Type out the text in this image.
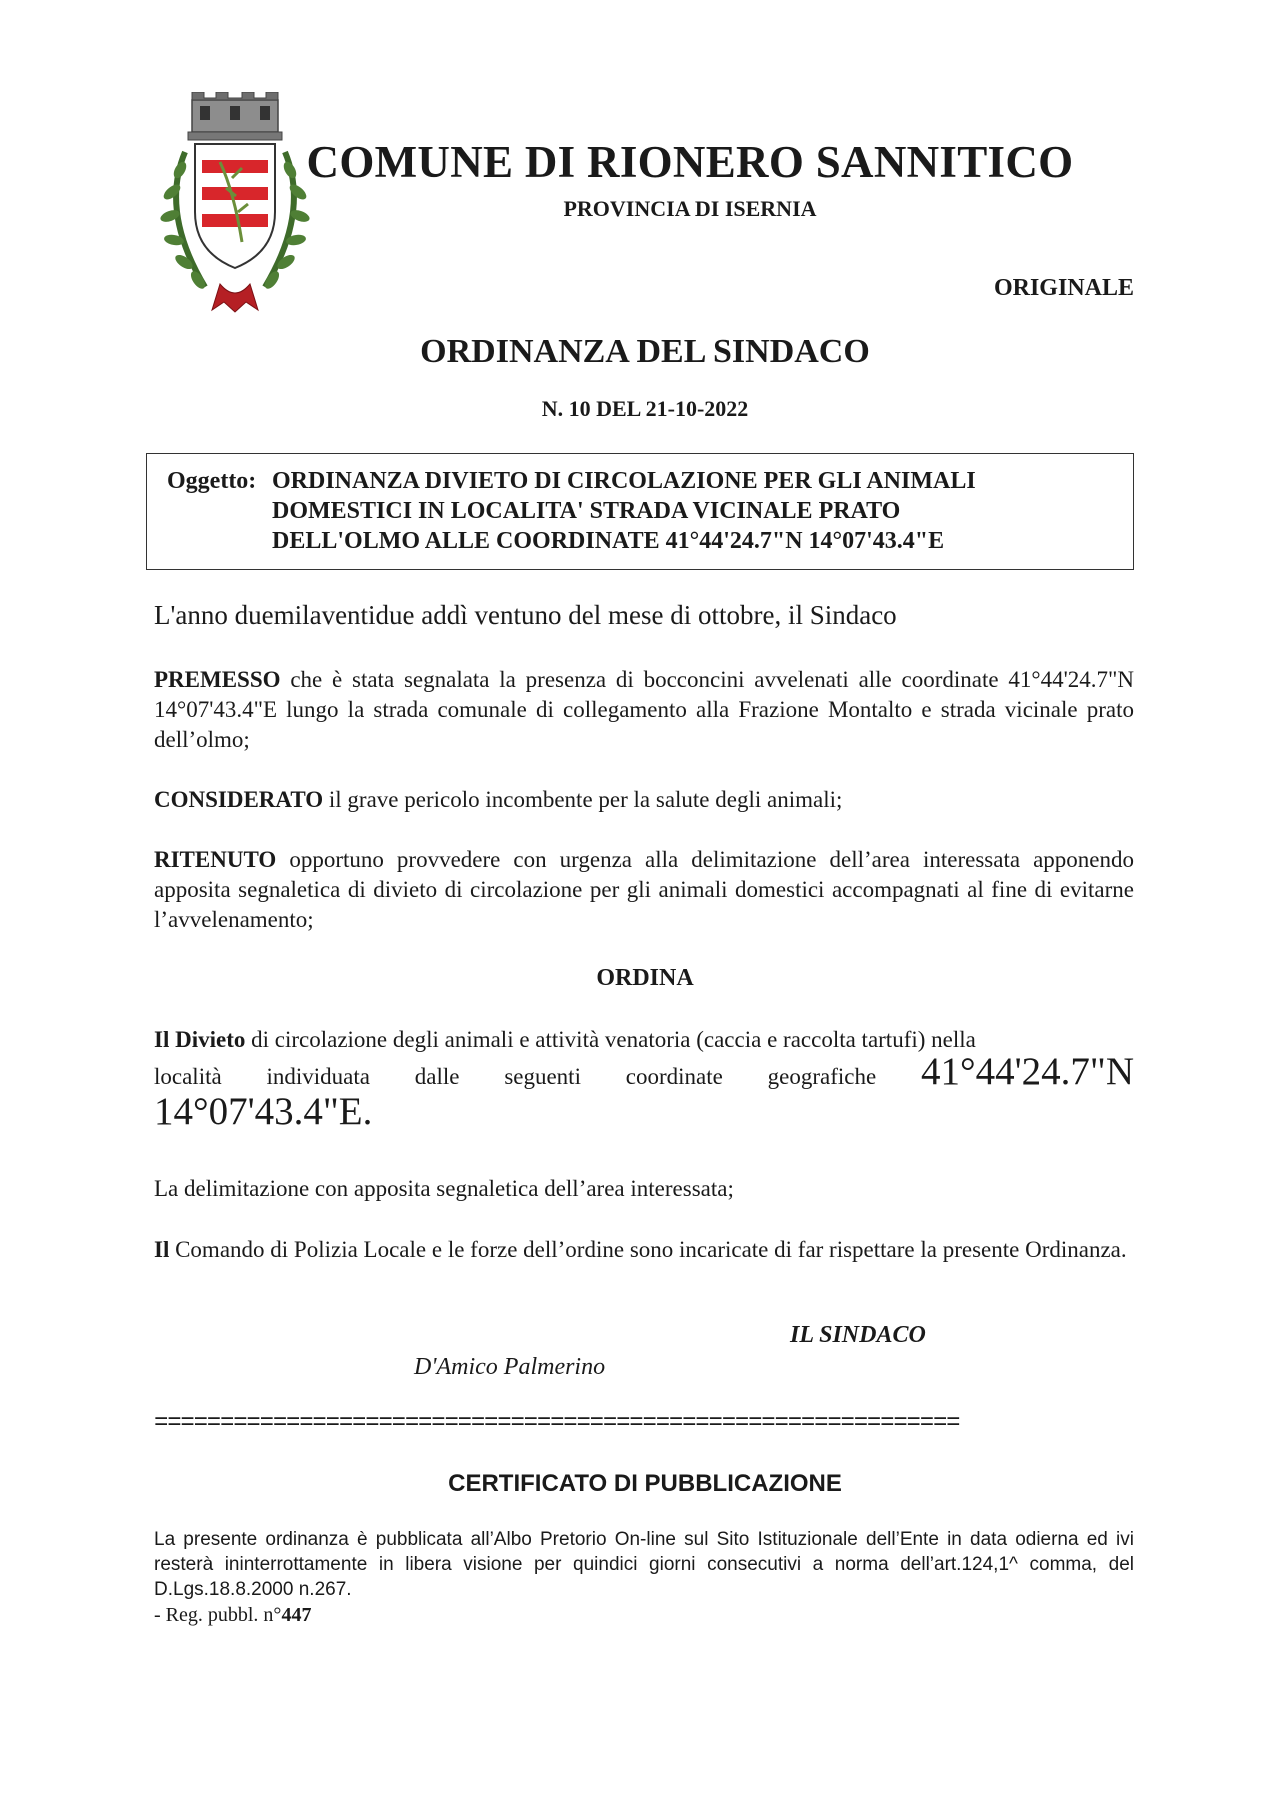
COMUNE DI RIONERO SANNITICO
PROVINCIA DI ISERNIA
ORIGINALE
ORDINANZA DEL SINDACO
N. 10 DEL 21-10-2022
Oggetto: ORDINANZA DIVIETO DI CIRCOLAZIONE PER GLI ANIMALI DOMESTICI IN LOCALITA' STRADA VICINALE PRATO DELL'OLMO ALLE COORDINATE 41°44'24.7"N 14°07'43.4"E
L'anno duemilaventidue addì ventuno del mese di ottobre, il Sindaco
PREMESSO che è stata segnalata la presenza di bocconcini avvelenati alle coordinate 41°44'24.7"N 14°07'43.4"E lungo la strada comunale di collegamento alla Frazione Montalto e strada vicinale prato dell’olmo;
CONSIDERATO il grave pericolo incombente per la salute degli animali;
RITENUTO opportuno provvedere con urgenza alla delimitazione dell’area interessata apponendo apposita segnaletica di divieto di circolazione per gli animali domestici accompagnati al fine di evitarne l’avvelenamento;
ORDINA
Il Divieto di circolazione degli animali e attività venatoria (caccia e raccolta tartufi) nella
località individuata dalle seguenti coordinate geografiche 41°44'24.7"N
14°07'43.4"E.
La delimitazione con apposita segnaletica dell’area interessata;
Il Comando di Polizia Locale e le forze dell’ordine sono incaricate di far rispettare la presente Ordinanza.
IL SINDACO
D'Amico Palmerino
=============================================================
CERTIFICATO DI PUBBLICAZIONE
La presente ordinanza è pubblicata all’Albo Pretorio On-line sul Sito Istituzionale dell’Ente in data odierna ed ivi resterà ininterrottamente in libera visione per quindici giorni consecutivi a norma dell’art.124,1^ comma, del D.Lgs.18.8.2000 n.267.
- Reg. pubbl. n°447
